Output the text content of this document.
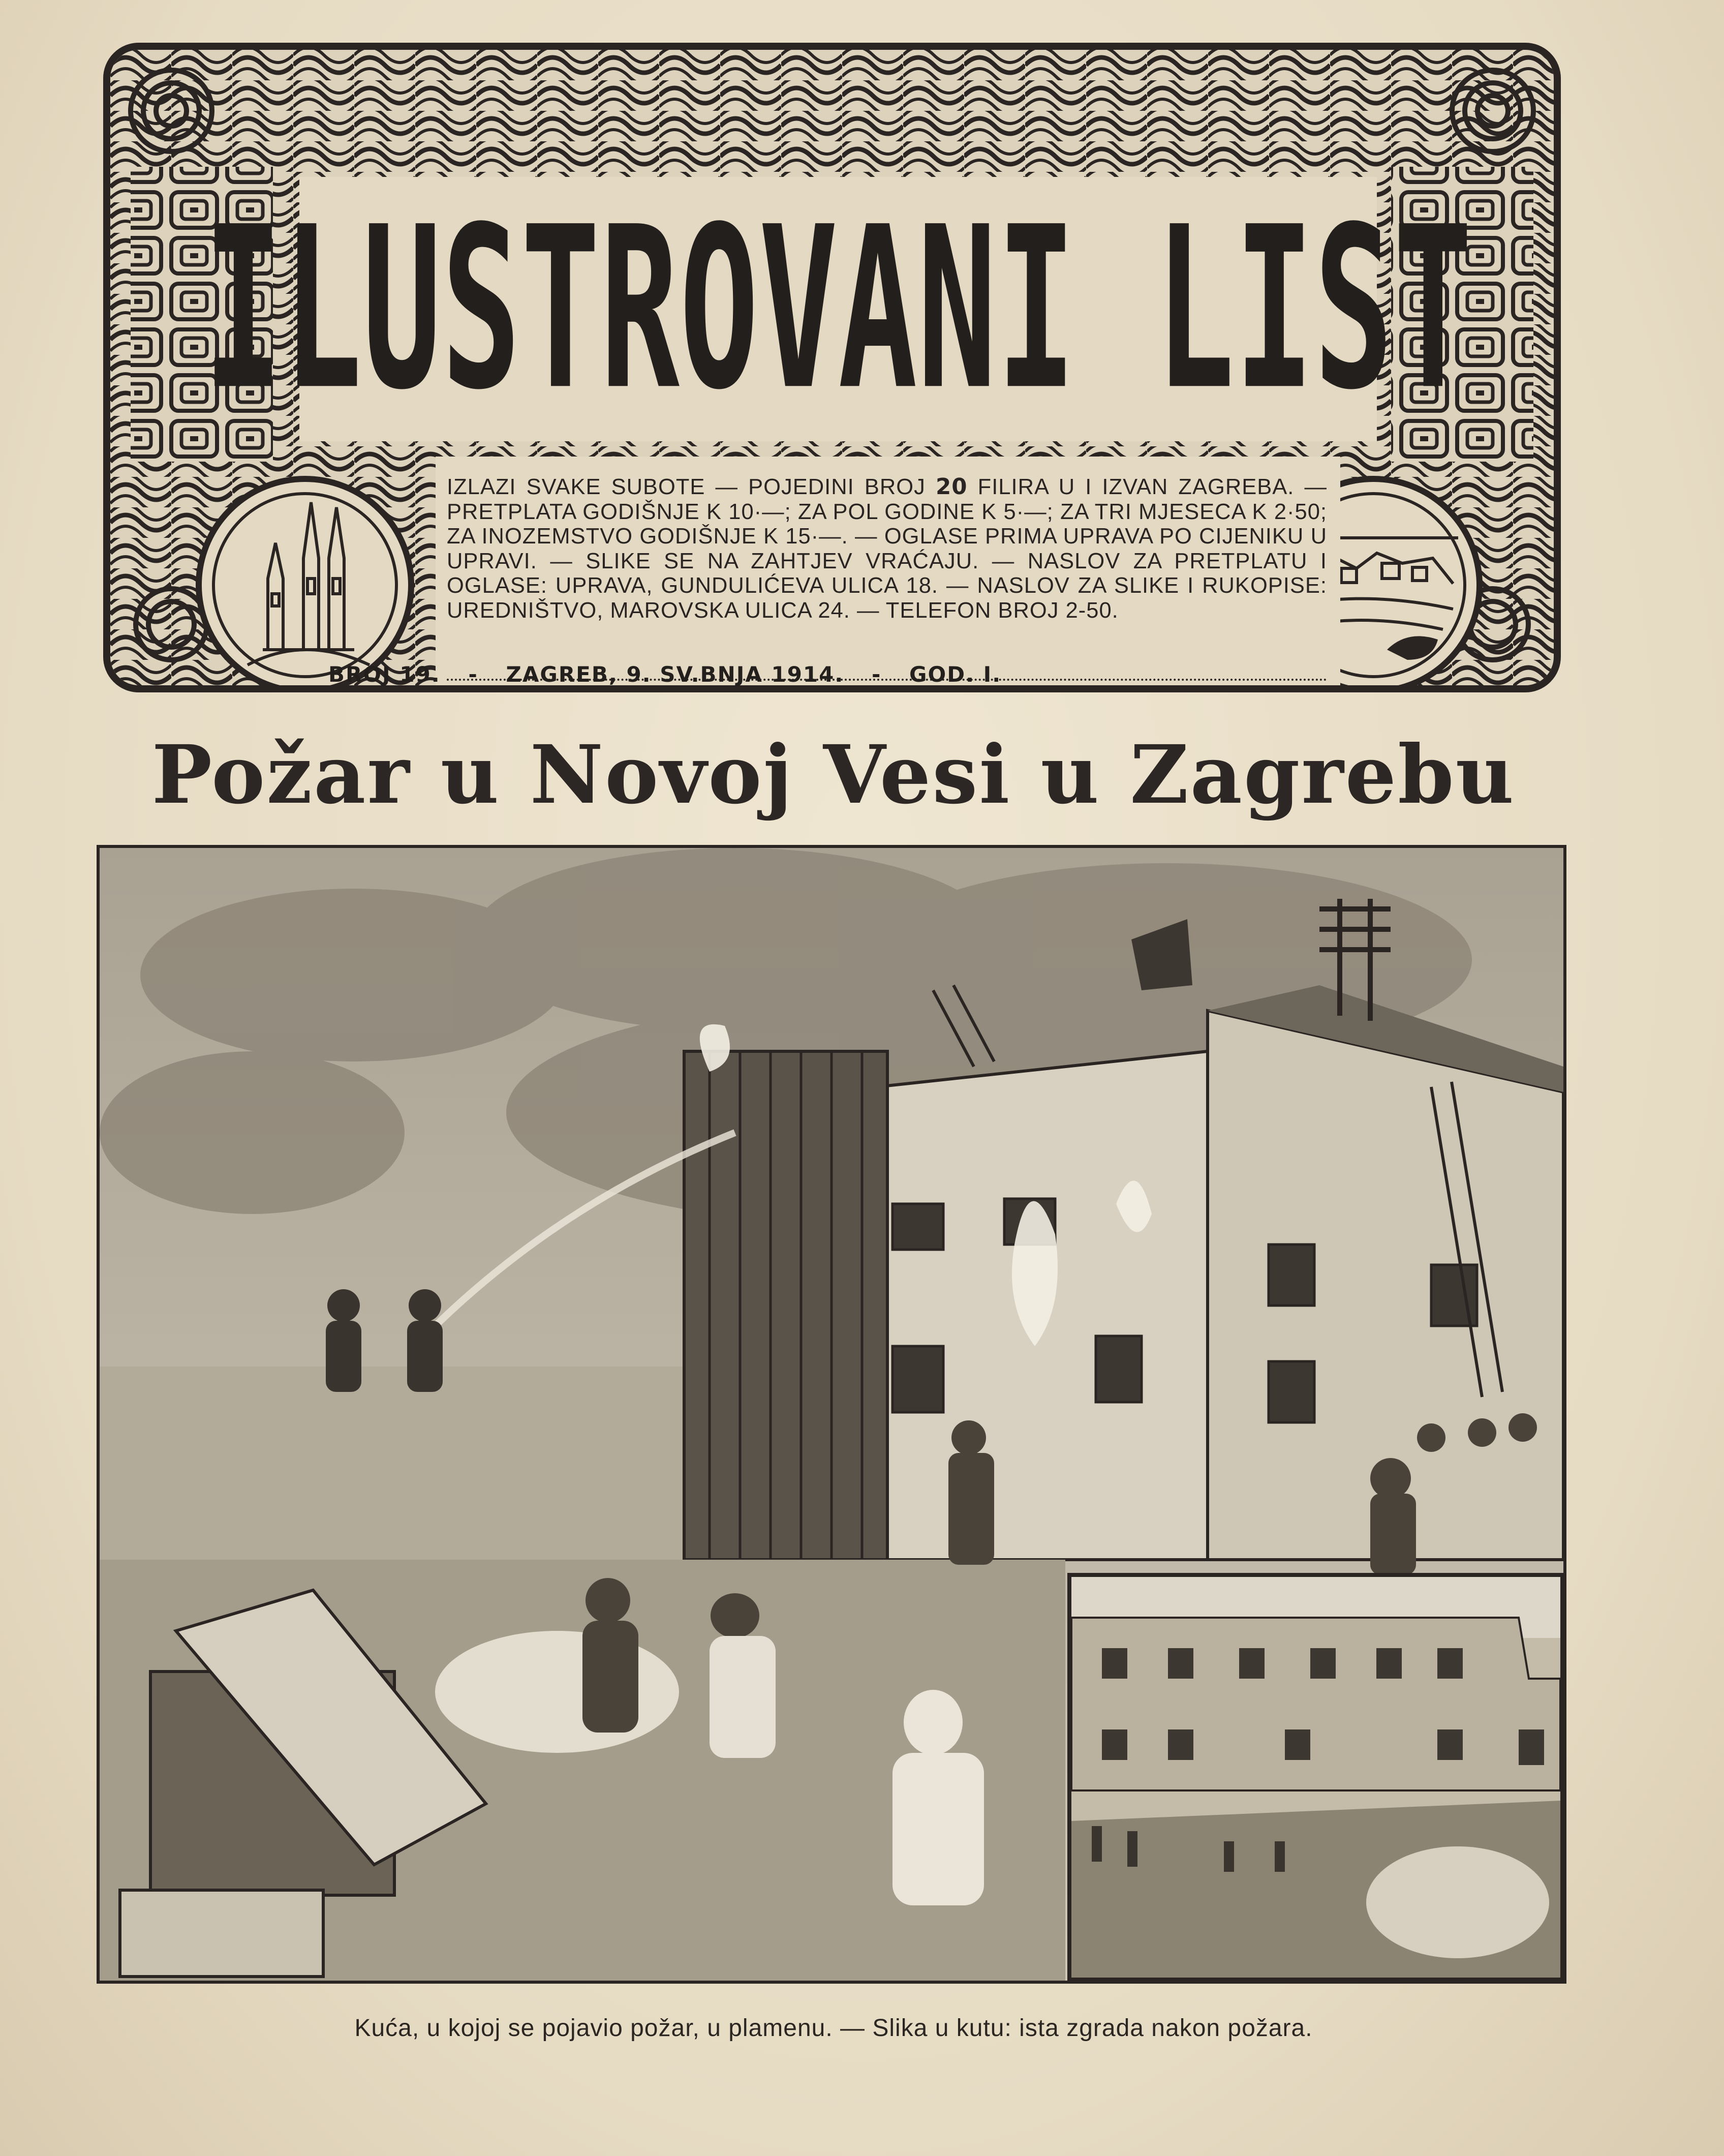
ILUSTROVANI LIST
IZLAZI SVAKE SUBOTE — POJEDINI BROJ 20 FILIRA U I IZVAN ZAGREBA. — PRETPLATA GODIŠNJE K 10·—; ZA POL GODINE K 5·—; ZA TRI MJESECA K 2·50; ZA INOZEMSTVO GODIŠNJE K 15·—. — OGLASE PRIMA UPRAVA PO CIJENIKU U UPRAVI. — SLIKE SE NA ZAHTJEV VRAĆAJU. — NASLOV ZA PRETPLATU I OGLASE: UPRAVA, GUNDULIĆEVA ULICA 18. — NASLOV ZA SLIKE I RUKOPISE: UREDNIŠTVO, MAROVSKA ULICA 24. — TELEFON BROJ 2-50.
BROJ 19. - ZAGREB, 9. SV.BNJA 1914. - GOD. I.
Požar u Novoj Vesi u Zagrebu
Kuća, u kojoj se pojavio požar, u plamenu. — Slika u kutu: ista zgrada nakon požara.
